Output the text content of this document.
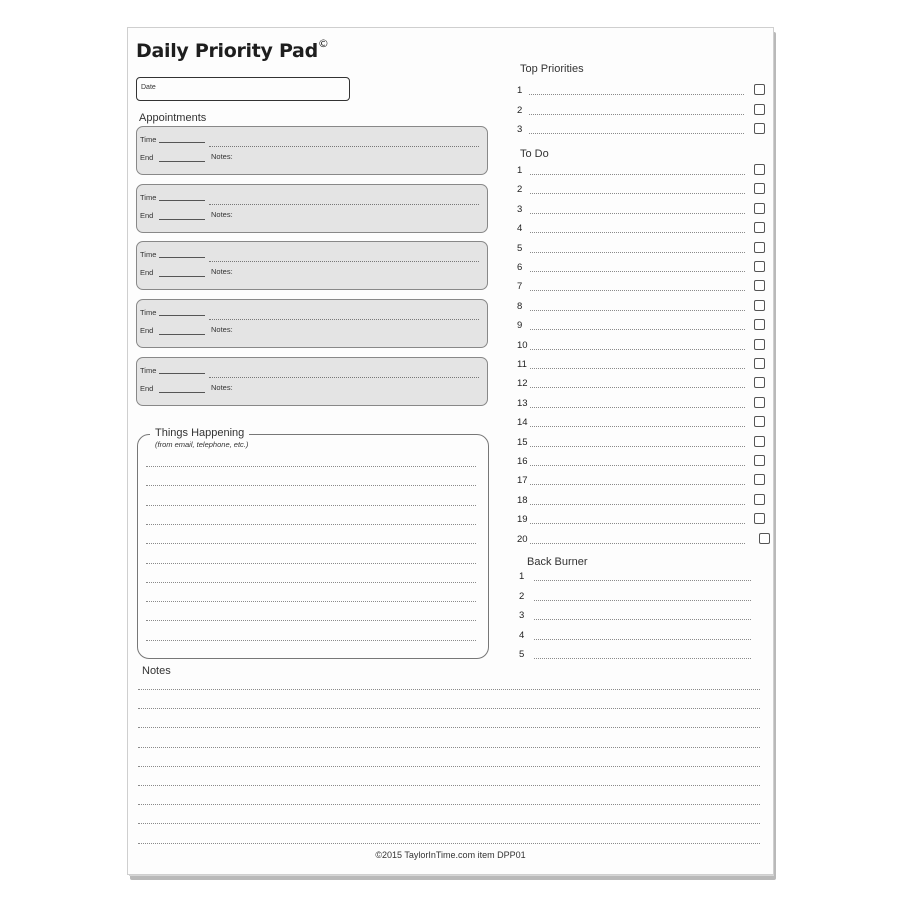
Daily Priority Pad©
Date
Appointments
Time
End	Notes:
Time
End	Notes:
Time
End	Notes:
Time
End	Notes:
Time
End	Notes:
Things Happening
(from email, telephone, etc.)
Top Priorities
1
2
3
To Do
1
2
3
4
5
6
7
8
9
10
11
12
13
14
15
16
17
18
19
20
Back Burner
1
2
3
4
5
Notes
©2015 TaylorInTime.com item DPP01
